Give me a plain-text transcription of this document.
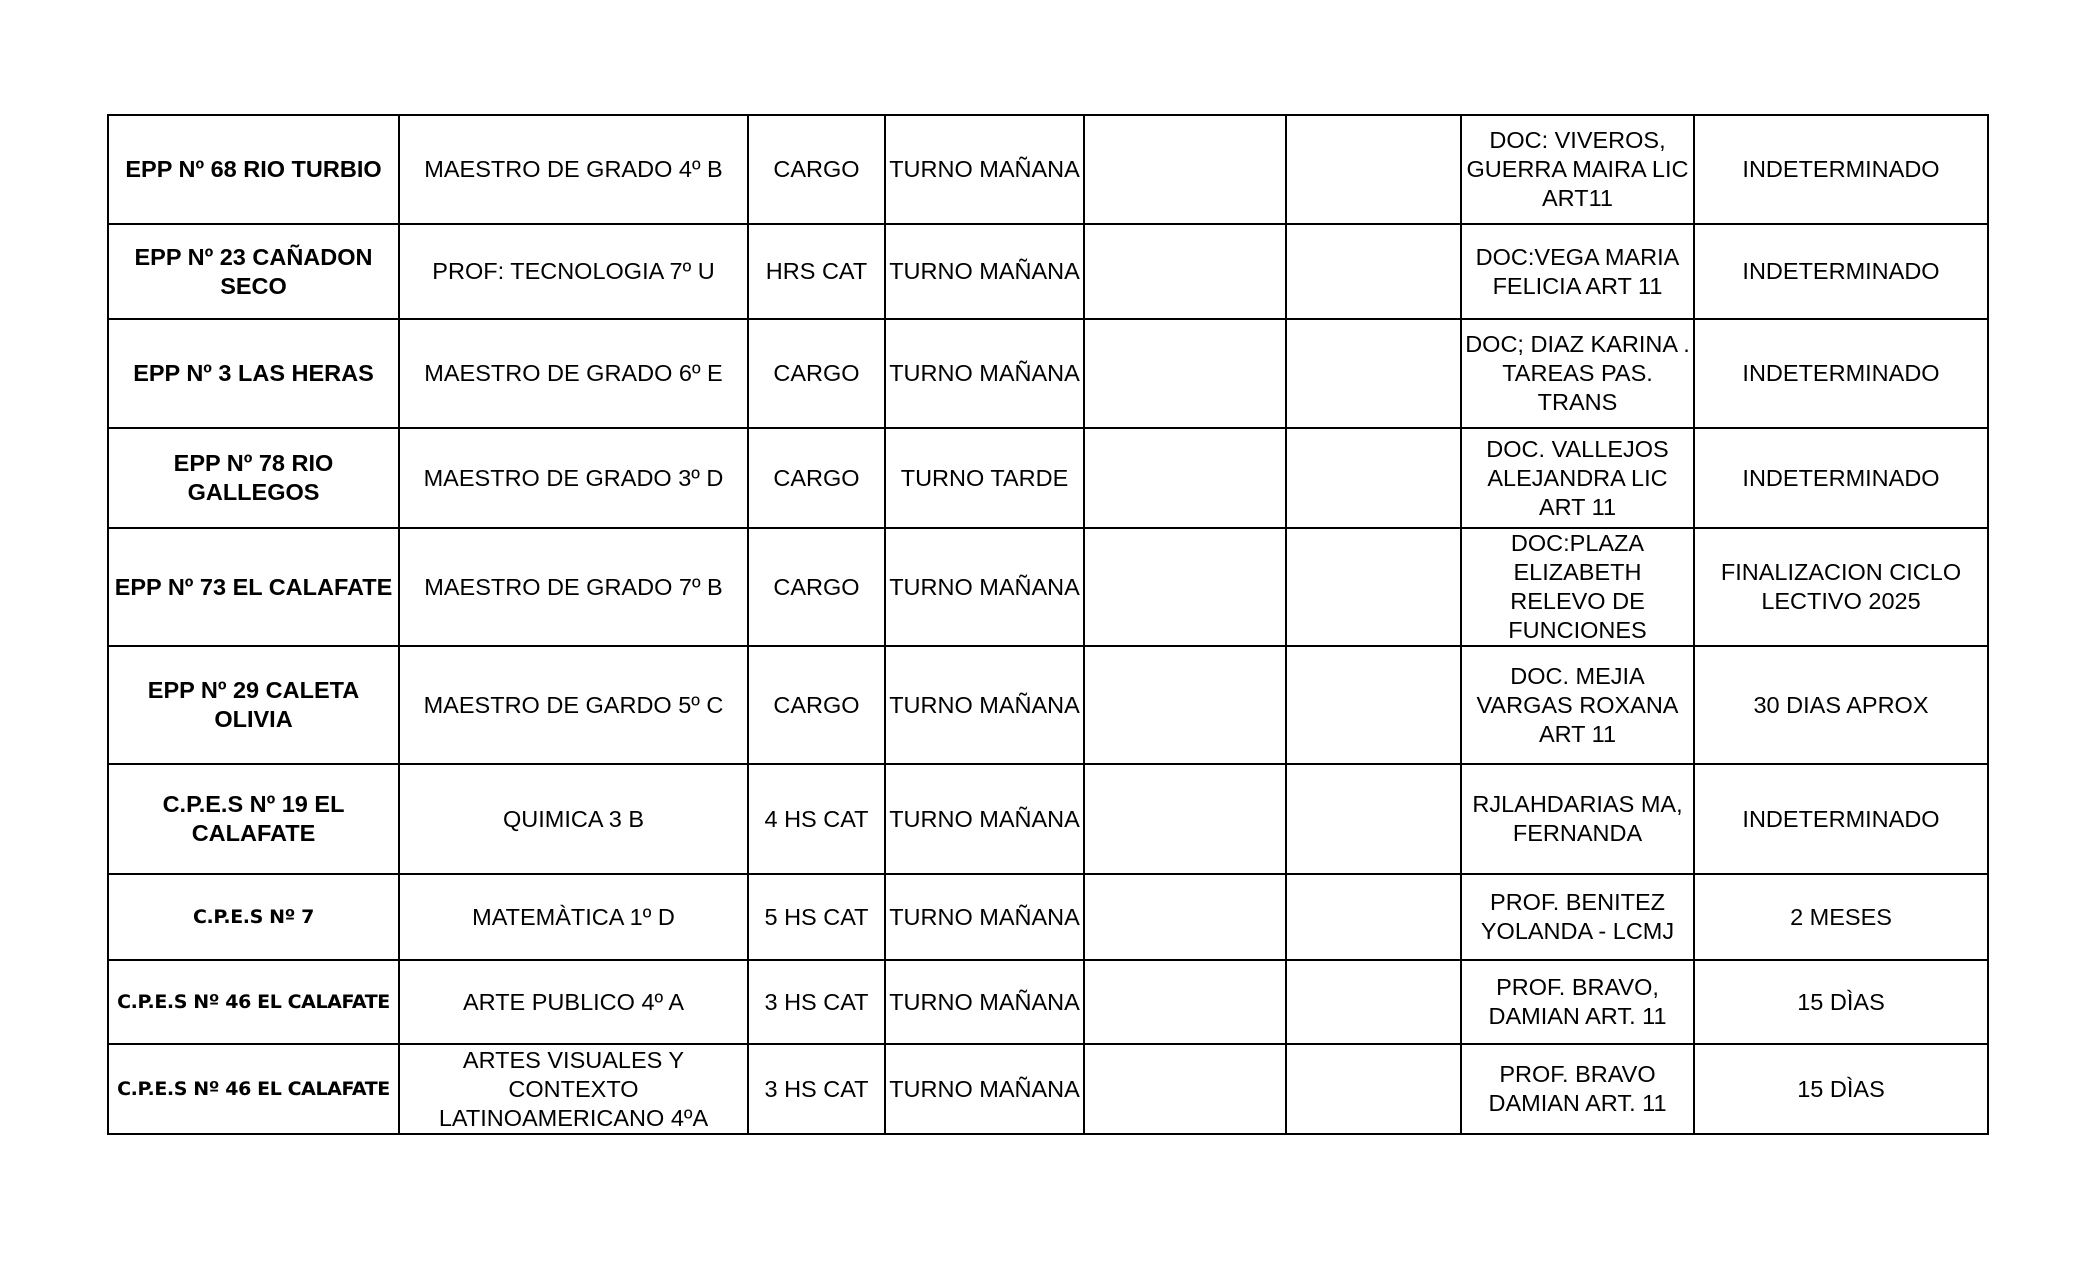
EPP Nº 68 RIO TURBIO	MAESTRO DE GRADO 4º B	CARGO	TURNO MAÑANA			DOC: VIVEROS, GUERRA MAIRA LIC ART11	INDETERMINADO
EPP Nº 23 CAÑADON SECO	PROF: TECNOLOGIA 7º U	HRS CAT	TURNO MAÑANA			DOC:VEGA MARIA FELICIA ART 11	INDETERMINADO
EPP Nº 3 LAS HERAS	MAESTRO DE GRADO 6º E	CARGO	TURNO MAÑANA			DOC; DIAZ KARINA . TAREAS PAS. TRANS	INDETERMINADO
EPP Nº 78 RIO GALLEGOS	MAESTRO DE GRADO 3º D	CARGO	TURNO TARDE			DOC. VALLEJOS ALEJANDRA LIC ART 11	INDETERMINADO
EPP Nº 73 EL CALAFATE	MAESTRO DE GRADO 7º B	CARGO	TURNO MAÑANA			DOC:PLAZA ELIZABETH RELEVO DE FUNCIONES	FINALIZACION CICLO LECTIVO 2025
EPP Nº 29 CALETA OLIVIA	MAESTRO DE GARDO 5º C	CARGO	TURNO MAÑANA			DOC. MEJIA VARGAS ROXANA ART 11	30 DIAS APROX
C.P.E.S Nº 19 EL CALAFATE	QUIMICA 3 B	4 HS CAT	TURNO MAÑANA			RJLAHDARIAS MA, FERNANDA	INDETERMINADO
C.P.E.S Nº 7	MATEMÀTICA 1º D	5 HS CAT	TURNO MAÑANA			PROF. BENITEZ YOLANDA - LCMJ	2 MESES
C.P.E.S Nº 46 EL CALAFATE	ARTE PUBLICO 4º A	3 HS CAT	TURNO MAÑANA			PROF. BRAVO, DAMIAN ART. 11	15 DÌAS
C.P.E.S Nº 46 EL CALAFATE	ARTES VISUALES Y CONTEXTO LATINOAMERICANO 4ºA	3 HS CAT	TURNO MAÑANA			PROF. BRAVO DAMIAN ART. 11	15 DÌAS
